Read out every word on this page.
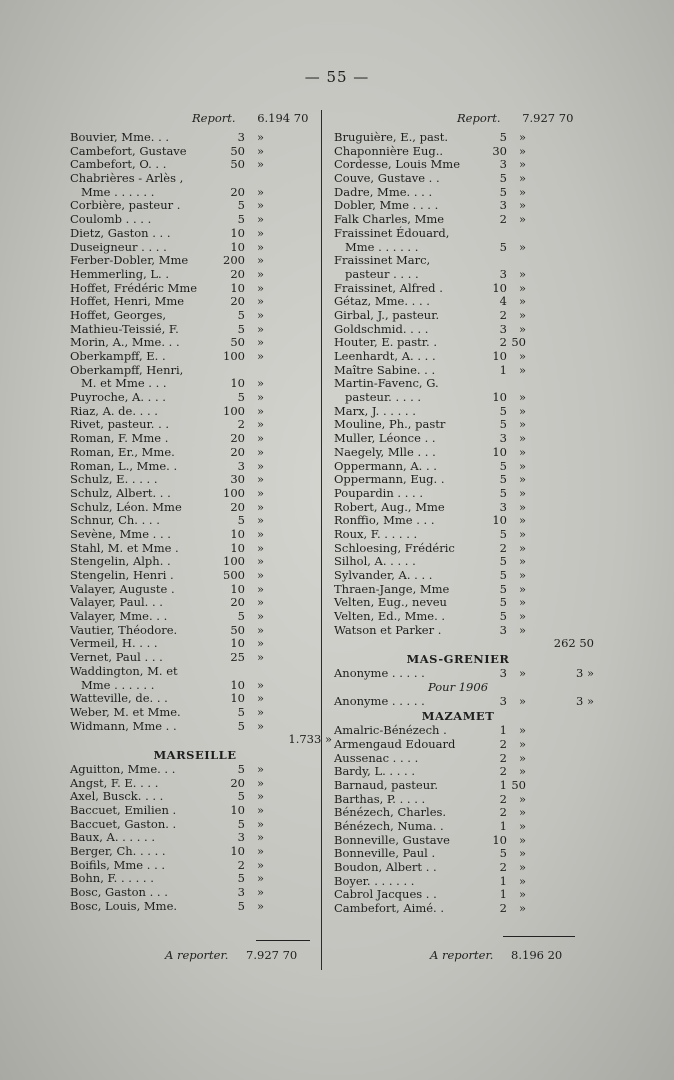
— 55 —
Report. 6.194 70	Report. 7.927 70
Bouvier, Mme. . .	3 »
Cambefort, Gustave	50 »
Cambefort, O. . .	50 »
Chabrières - Arlès ,
Mme . . . . . .	20 »
Corbière, pasteur .	5 »
Coulomb . . . .	5 »
Dietz, Gaston . . .	10 »
Duseigneur . . . .	10 »
Ferber-Dobler, Mme	200 »
Hemmerling, L. .	20 »
Hoffet, Frédéric Mme	10 »
Hoffet, Henri, Mme	20 »
Hoffet, Georges,	5 »
Mathieu-Teissié, F.	5 »
Morin, A., Mme. . .	50 »
Oberkampff, E. .	100 »
Oberkampff, Henri,
M. et Mme . . .	10 »
Puyroche, A. . . .	5 »
Riaz, A. de. . . .	100 »
Rivet, pasteur. . .	2 »
Roman, F. Mme .	20 »
Roman, Er., Mme.	20 »
Roman, L., Mme. .	3 »
Schulz, E. . . . .	30 »
Schulz, Albert. . .	100 »
Schulz, Léon. Mme	20 »
Schnur, Ch. . . .	5 »
Sevène, Mme . . .	10 »
Stahl, M. et Mme .	10 »
Stengelin, Alph. .	100 »
Stengelin, Henri .	500 »
Valayer, Auguste .	10 »
Valayer, Paul. . .	20 »
Valayer, Mme. . .	5 »
Vautier, Théodore.	50 »
Vermeil, H. . . .	10 »
Vernet, Paul . . .	25 »
Waddington, M. et
Mme . . . . . .	10 »
Watteville, de. . .	10 »
Weber, M. et Mme.	5 »
Widmann, Mme . .	5 »
1.733 »
MARSEILLE
Aguitton, Mme. . .	5 »
Angst, F. E. . . .	20 »
Axel, Busck. . . .	5 »
Baccuet, Emilien .	10 »
Baccuet, Gaston. .	5 »
Baux, A. . . . . .	3 »
Berger, Ch. . . . .	10 »
Boifils, Mme . . .	2 »
Bohn, F. . . . . .	5 »
Bosc, Gaston . . .	3 »
Bosc, Louis, Mme.	5 »
Bruguière, E., past.	5 »
Chaponnière Eug..	30 »
Cordesse, Louis Mme	3 »
Couve, Gustave . .	5 »
Dadre, Mme. . . .	5 »
Dobler, Mme . . . .	3 »
Falk Charles, Mme	2 »
Fraissinet Édouard,
Mme . . . . . .	5 »
Fraissinet Marc,
pasteur . . . .	3 »
Fraissinet, Alfred .	10 »
Gétaz, Mme. . . .	4 »
Girbal, J., pasteur.	2 »
Goldschmid. . . .	3 »
Houter, E. pastr. .	2 50
Leenhardt, A. . . .	10 »
Maître Sabine. . .	1 »
Martin-Favenc, G.
pasteur. . . . .	10 »
Marx, J. . . . . .	5 »
Mouline, Ph., pastr	5 »
Muller, Léonce . .	3 »
Naegely, Mlle . . .	10 »
Oppermann, A. . .	5 »
Oppermann, Eug. .	5 »
Poupardin . . . .	5 »
Robert, Aug., Mme	3 »
Ronffio, Mme . . .	10 »
Roux, F. . . . . .	5 »
Schloesing, Frédéric	2 »
Silhol, A. . . . .	5 »
Sylvander, A. . . .	5 »
Thraen-Jange, Mme	5 »
Velten, Eug., neveu	5 »
Velten, Ed., Mme. .	5 »
Watson et Parker .	3 »
262 50
MAS-GRENIER
Anonyme . . . . .	3 »	3 »
Pour 1906
Anonyme . . . . .	3 »	3 »
MAZAMET
Amalric-Bénézech .	1 »
Armengaud Edouard	2 »
Aussenac . . . .	2 »
Bardy, L. . . . .	2 »
Barnaud, pasteur.	1 50
Barthas, P. . . . .	2 »
Bénézech, Charles.	2 »
Bénézech, Numa. .	1 »
Bonneville, Gustave	10 »
Bonneville, Paul .	5 »
Boudon, Albert . .	2 »
Boyer. . . . . . .	1 »
Cabrol Jacques . .	1 »
Cambefort, Aimé. .	2 »
A reporter. 7.927 70	A reporter. 8.196 20
